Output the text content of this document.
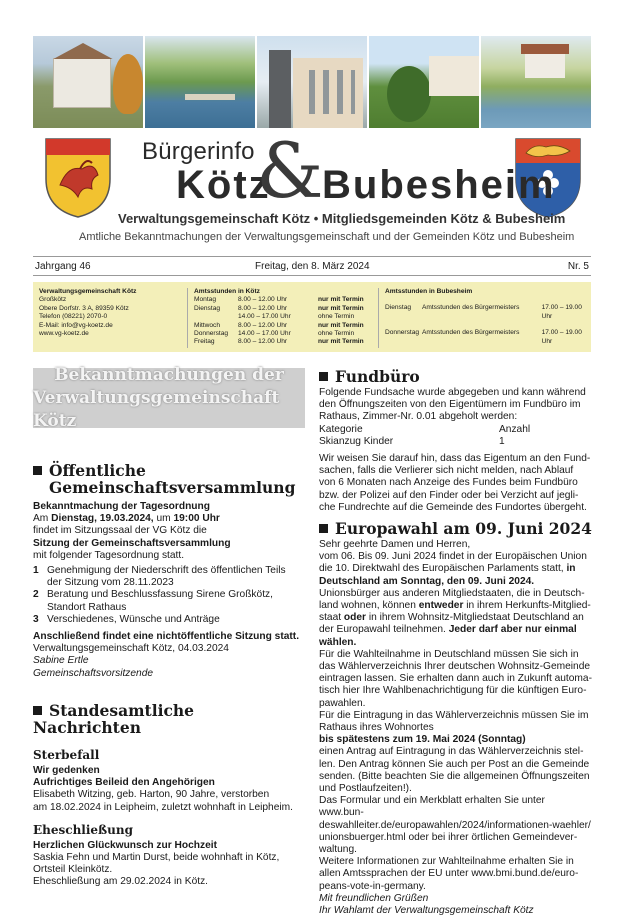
Bürgerinfo
Kötz
&
Bubesheim
Verwaltungsgemeinschaft Kötz • Mitgliedsgemeinden Kötz & Bubesheim
Amtliche Bekanntmachungen der Verwaltungsgemeinschaft und der Gemeinden Kötz und Bubesheim
Jahrgang 46	Freitag, den 8. März 2024	Nr. 5
Verwaltungsgemeinschaft Kötz
Großkötz
Obere Dorfstr. 3 A, 89359 Kötz
Telefon (08221) 2070-0
E-Mail: info@vg-koetz.de
www.vg-koetz.de
Amtsstunden in Kötz
Montag	8.00 – 12.00 Uhr	nur mit Termin
Dienstag	8.00 – 12.00 Uhr	nur mit Termin
14.00 – 17.00 Uhr	ohne Termin
Mittwoch	8.00 – 12.00 Uhr	nur mit Termin
Donnerstag	14.00 – 17.00 Uhr	ohne Termin
Freitag	8.00 – 12.00 Uhr	nur mit Termin
Amtsstunden in Bubesheim
Dienstag	Amtsstunden des Bürgermeisters	17.00 – 19.00 Uhr
Donnerstag Amtsstunden des Bürgermeisters	17.00 – 19.00 Uhr
Bekanntmachungen der
Verwaltungsgemeinschaft Kötz
Öffentliche
Gemeinschaftsversammlung
Bekanntmachung der Tagesordnung
Am Dienstag, 19.03.2024, um 19:00 Uhr
findet im Sitzungssaal der VG Kötz die
Sitzung der Gemeinschaftsversammlung
mit folgender Tagesordnung statt.
1 Genehmigung der Niederschrift des öffentlichen Teils
der Sitzung vom 28.11.2023
2 Beratung und Beschlussfassung Sirene Großkötz,
Standort Rathaus
3 Verschiedenes, Wünsche und Anträge
Anschließend findet eine nichtöffentliche Sitzung statt.
Verwaltungsgemeinschaft Kötz, 04.03.2024
Sabine Ertle
Gemeinschaftsvorsitzende
Standesamtliche Nachrichten
Sterbefall
Wir gedenken
Aufrichtiges Beileid den Angehörigen
Elisabeth Witzing, geb. Harton, 90 Jahre, verstorben
am 18.02.2024 in Leipheim, zuletzt wohnhaft in Leipheim.
Eheschließung
Herzlichen Glückwunsch zur Hochzeit
Saskia Fehn und Martin Durst, beide wohnhaft in Kötz,
Ortsteil Kleinkötz.
Eheschließung am 29.02.2024 in Kötz.
Fundbüro
Folgende Fundsache wurde abgegeben und kann während
den Öffnungszeiten von den Eigentümern im Fundbüro im
Rathaus, Zimmer-Nr. 0.01 abgeholt werden:
Kategorie	Anzahl
Skianzug Kinder	1
Wir weisen Sie darauf hin, dass das Eigentum an den Fund-
sachen, falls die Verlierer sich nicht melden, nach Ablauf
von 6 Monaten nach Anzeige des Fundes beim Fundbüro
bzw. der Polizei auf den Finder oder bei Verzicht auf jegli-
che Fundrechte auf die Gemeinde des Fundortes übergeht.
Europawahl am 09. Juni 2024
Sehr geehrte Damen und Herren,
vom 06. Bis 09. Juni 2024 findet in der Europäischen Union
die 10. Direktwahl des Europäischen Parlaments statt, in
Deutschland am Sonntag, den 09. Juni 2024.
Unionsbürger aus anderen Mitgliedstaaten, die in Deutsch-
land wohnen, können entweder in ihrem Herkunfts-Mitglied-
staat oder in ihrem Wohnsitz-Mitgliedstaat Deutschland an
der Europawahl teilnehmen. Jeder darf aber nur einmal
wählen.
Für die Wahlteilnahme in Deutschland müssen Sie sich in
das Wählerverzeichnis Ihrer deutschen Wohnsitz-Gemeinde
eintragen lassen. Sie erhalten dann auch in Zukunft automa-
tisch hier Ihre Wahlbenachrichtigung für die künftigen Euro-
pawahlen.
Für die Eintragung in das Wählerverzeichnis müssen Sie im
Rathaus ihres Wohnortes
bis spätestens zum 19. Mai 2024 (Sonntag)
einen Antrag auf Eintragung in das Wählerverzeichnis stel-
len. Den Antrag können Sie auch per Post an die Gemeinde
senden. (Bitte beachten Sie die allgemeinen Öffnungszeiten
und Postlaufzeiten!).
Das Formular und ein Merkblatt erhalten Sie unter www.bun-
deswahlleiter.de/europawahlen/2024/informationen-waehler/
unionsbuerger.html oder bei ihrer örtlichen Gemeindever-
waltung.
Weitere Informationen zur Wahlteilnahme erhalten Sie in
allen Amtssprachen der EU unter www.bmi.bund.de/euro-
peans-vote-in-germany.
Mit freundlichen Grüßen
Ihr Wahlamt der Verwaltungsgemeinschaft Kötz
